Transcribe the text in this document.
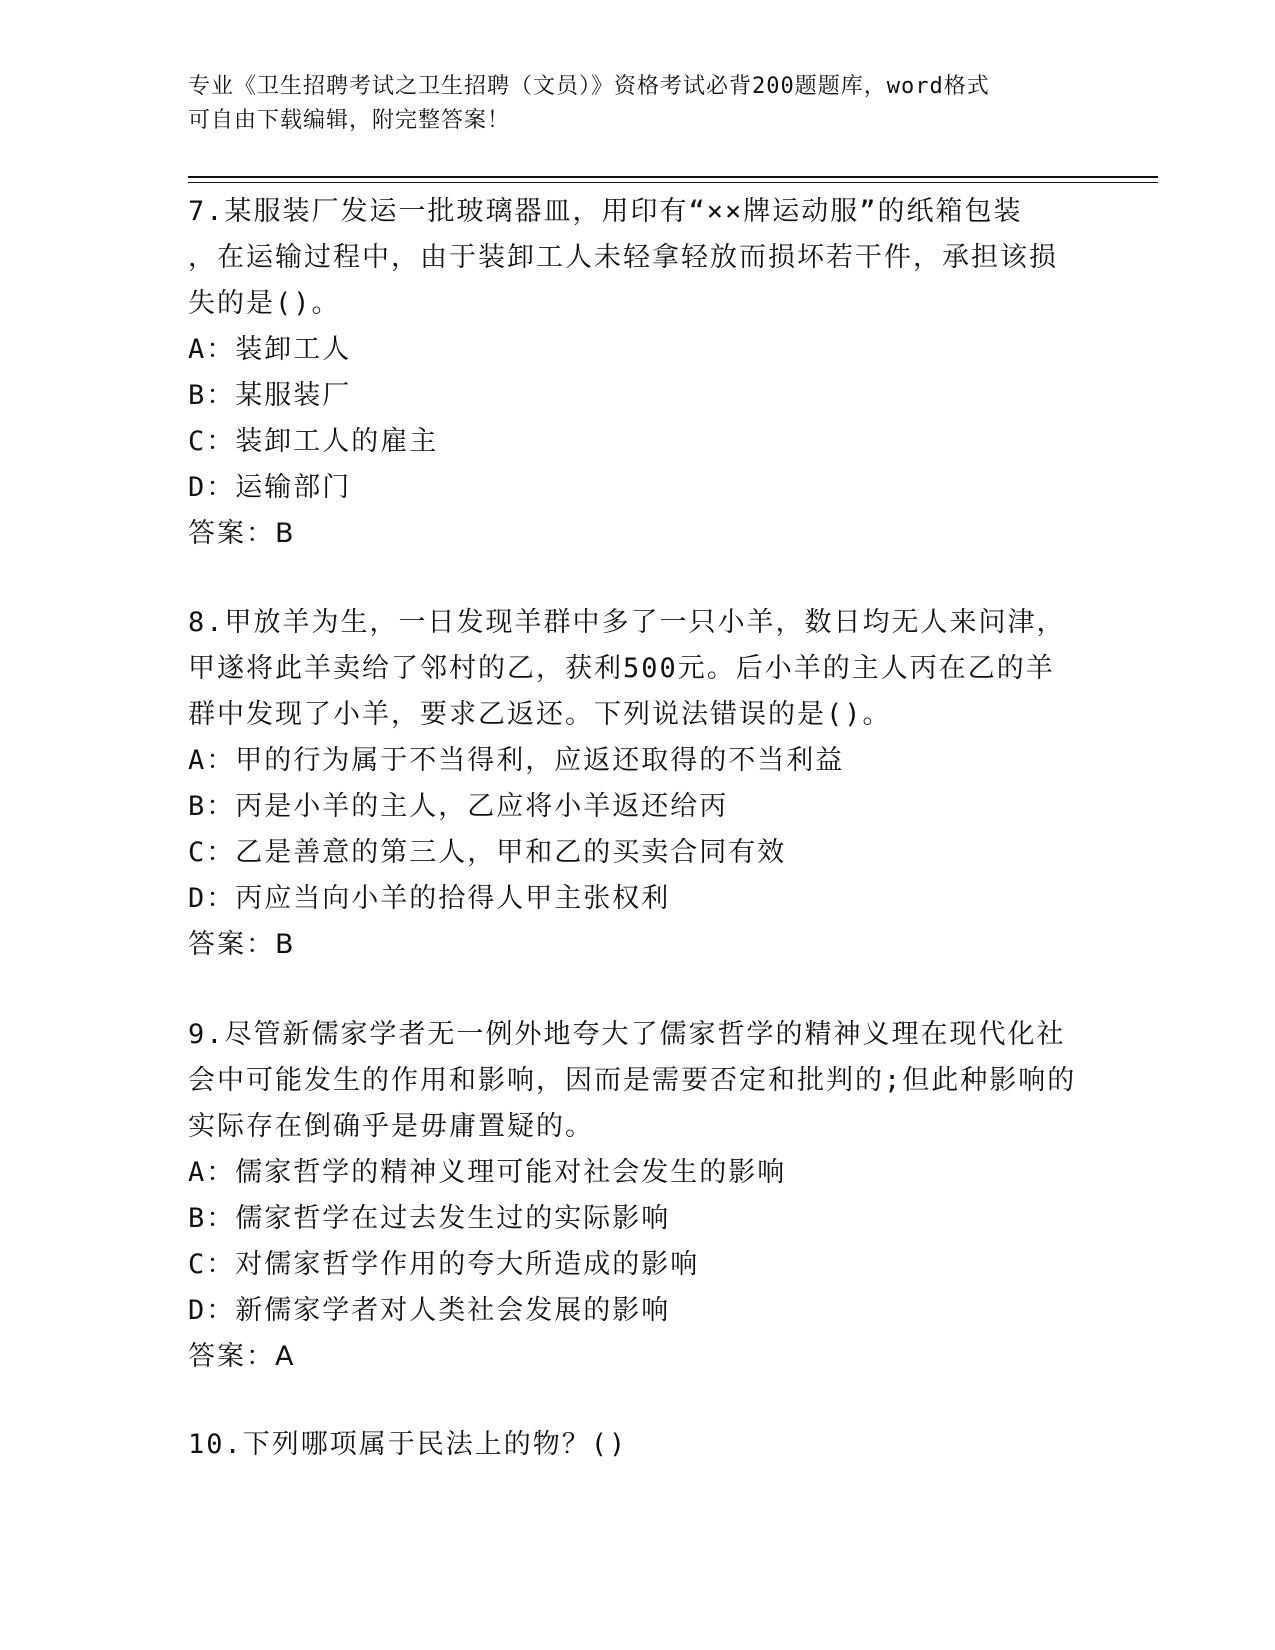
专业《卫生招聘考试之卫生招聘（文员）》资格考试必背200题题库，word格式
可自由下载编辑，附完整答案！

7.某服装厂发运一批玻璃器皿，用印有“××牌运动服”的纸箱包装

，在运输过程中，由于装卸工人未轻拿轻放而损坏若干件，承担该损

失的是()。

A：装卸工人

B：某服装厂

C：装卸工人的雇主

D：运输部门

答案：B

8.甲放羊为生，一日发现羊群中多了一只小羊，数日均无人来问津，

甲遂将此羊卖给了邻村的乙，获利500元。后小羊的主人丙在乙的羊

群中发现了小羊，要求乙返还。下列说法错误的是()。

A：甲的行为属于不当得利，应返还取得的不当利益

B：丙是小羊的主人，乙应将小羊返还给丙

C：乙是善意的第三人，甲和乙的买卖合同有效

D：丙应当向小羊的拾得人甲主张权利

答案：B

9.尽管新儒家学者无一例外地夸大了儒家哲学的精神义理在现代化社

会中可能发生的作用和影响，因而是需要否定和批判的;但此种影响的

实际存在倒确乎是毋庸置疑的。

A：儒家哲学的精神义理可能对社会发生的影响

B：儒家哲学在过去发生过的实际影响

C：对儒家哲学作用的夸大所造成的影响

D：新儒家学者对人类社会发展的影响

答案：A

10.下列哪项属于民法上的物？()
